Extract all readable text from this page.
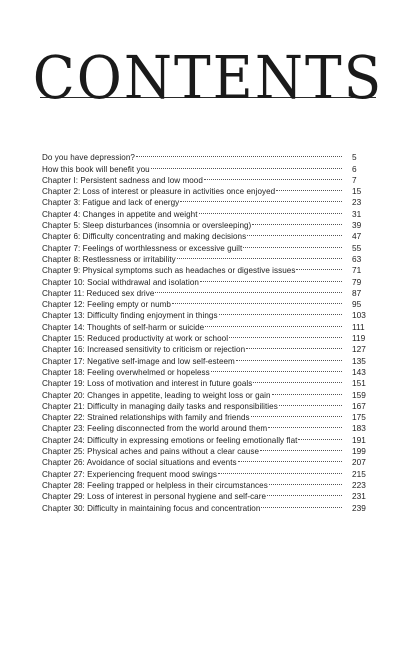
CONTENTS
Do you have depression?	5
How this book will benefit you	6
Chapter I: Persistent sadness and low mood	7
Chapter 2: Loss of interest or pleasure in activities once enjoyed	15
Chapter 3: Fatigue and lack of energy	23
Chapter 4: Changes in appetite and weight	31
Chapter 5: Sleep disturbances (insomnia or oversleeping)	39
Chapter 6: Difficulty concentrating and making decisions	47
Chapter 7: Feelings of worthlessness or excessive guilt	55
Chapter 8: Restlessness or irritability	63
Chapter 9: Physical symptoms such as headaches or digestive issues	71
Chapter 10: Social withdrawal and isolation	79
Chapter 11: Reduced sex drive	87
Chapter 12: Feeling empty or numb	95
Chapter 13: Difficulty finding enjoyment in things	103
Chapter 14: Thoughts of self-harm or suicide	111
Chapter 15: Reduced productivity at work or school	119
Chapter 16: Increased sensitivity to criticism or rejection	127
Chapter 17: Negative self-image and low self-esteem	135
Chapter 18: Feeling overwhelmed or hopeless	143
Chapter 19: Loss of motivation and interest in future goals	151
Chapter 20: Changes in appetite, leading to weight loss or gain	159
Chapter 21: Difficulty in managing daily tasks and responsibilities	167
Chapter 22: Strained relationships with family and friends	175
Chapter 23: Feeling disconnected from the world around them	183
Chapter 24: Difficulty in expressing emotions or feeling emotionally flat	191
Chapter 25: Physical aches and pains without a clear cause	199
Chapter 26: Avoidance of social situations and events	207
Chapter 27: Experiencing frequent mood swings	215
Chapter 28: Feeling trapped or helpless in their circumstances	223
Chapter 29: Loss of interest in personal hygiene and self-care	231
Chapter 30: Difficulty in maintaining focus and concentration	239
